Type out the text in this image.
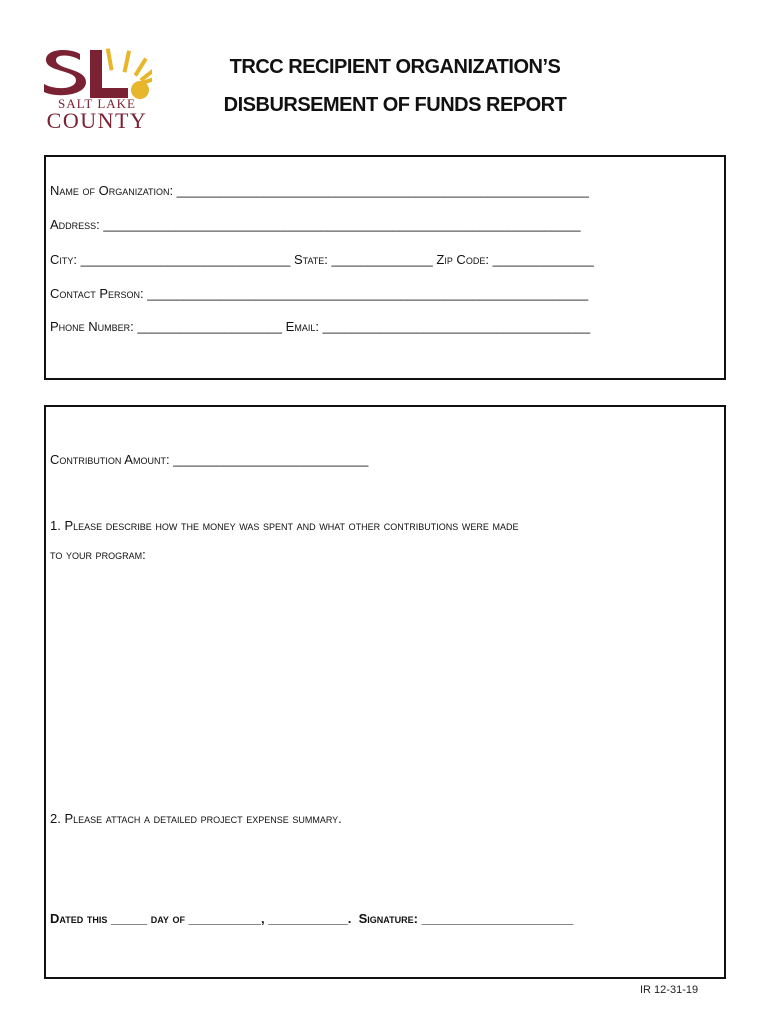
SALT LAKE
COUNTY
TRCC RECIPIENT ORGANIZATION’S
DISBURSEMENT OF FUNDS REPORT
Name of Organization: _________________________________________________________
Address: __________________________________________________________________
City: _____________________________ State: ______________ Zip Code: ______________
Contact Person: _____________________________________________________________
Phone Number: ____________________ Email: _____________________________________
Contribution Amount: ___________________________
1. Please describe how the money was spent and what other contributions were made
to your program:
2. Please attach a detailed project expense summary.
Dated this _____ day of __________, ___________. Signature: _____________________
IR 12-31-19
